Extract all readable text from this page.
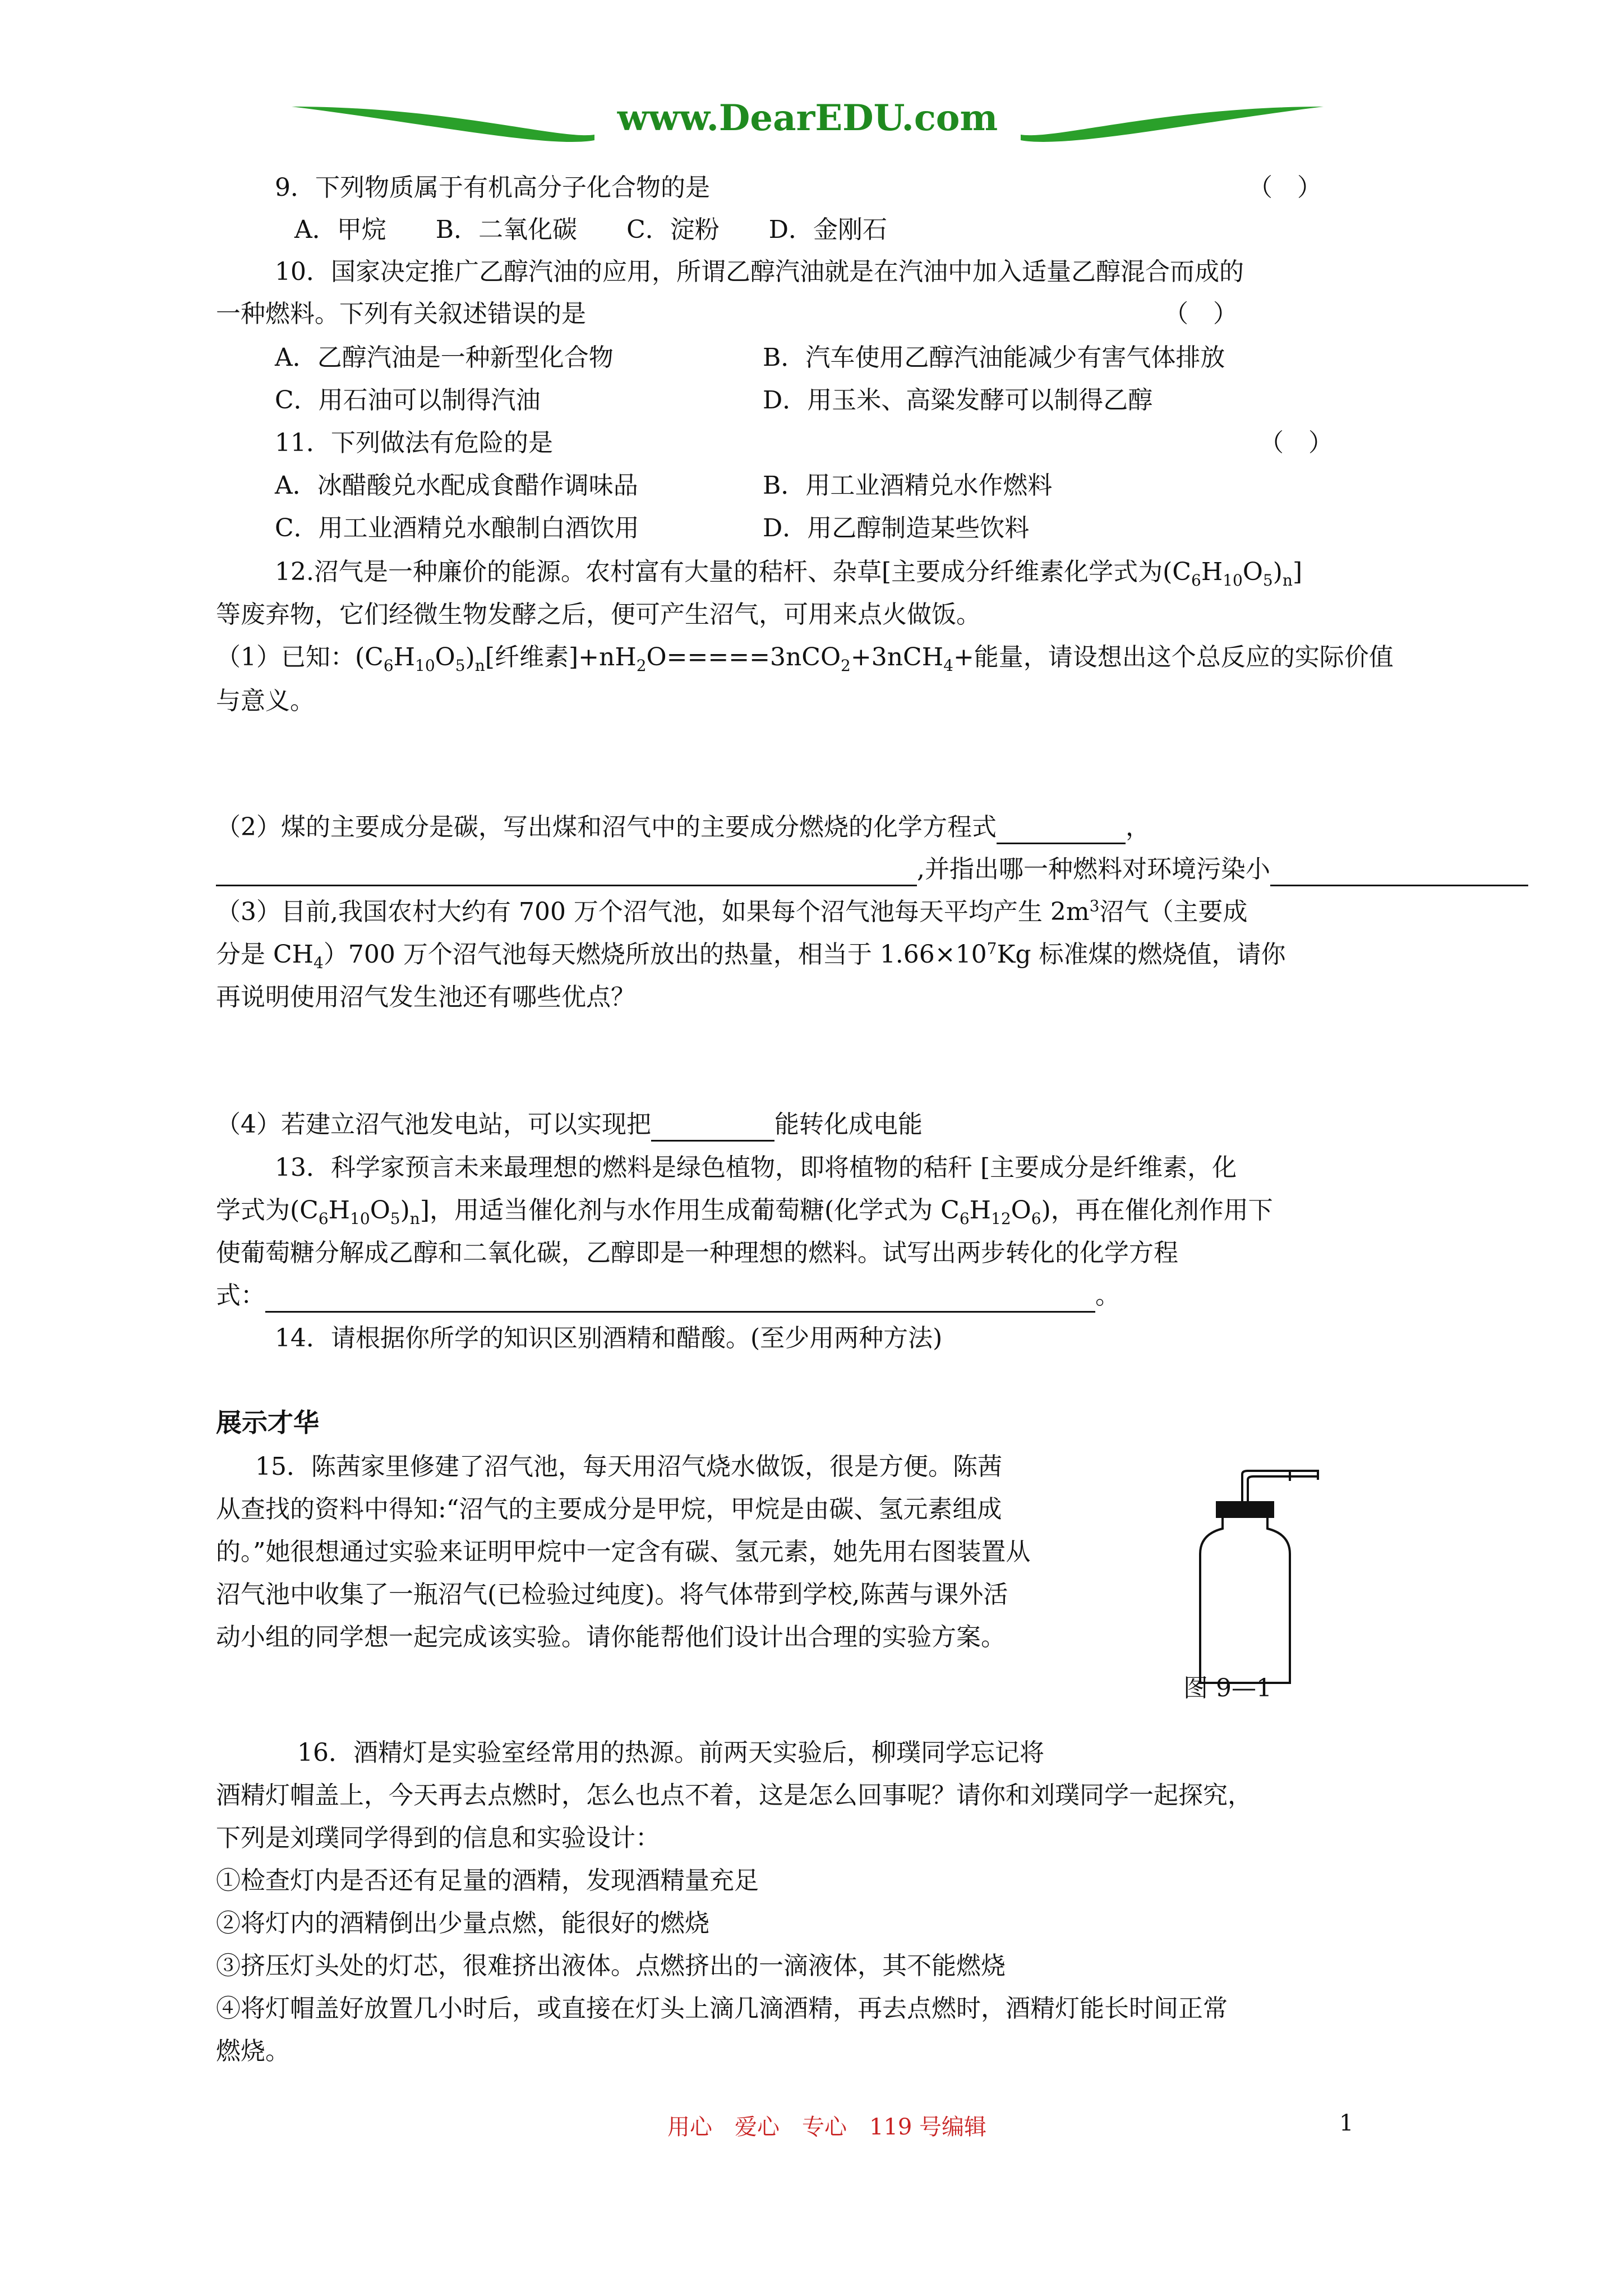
www.DearEDU.com
9．下列物质属于有机高分子化合物的是	（　）
A．甲烷　　B．二氧化碳　　C．淀粉　　D．金刚石
10．国家决定推广乙醇汽油的应用，所谓乙醇汽油就是在汽油中加入适量乙醇混合而成的
一种燃料。下列有关叙述错误的是	（　）
A．乙醇汽油是一种新型化合物	B．汽车使用乙醇汽油能减少有害气体排放
C．用石油可以制得汽油	D．用玉米、高粱发酵可以制得乙醇
11．下列做法有危险的是	（　）
A．冰醋酸兑水配成食醋作调味品	B．用工业酒精兑水作燃料
C．用工业酒精兑水酿制白酒饮用	D．用乙醇制造某些饮料
12.沼气是一种廉价的能源。农村富有大量的秸杆、杂草[主要成分纤维素化学式为$(C_6H_{10}O_5)_n$]
等废弃物，它们经微生物发酵之后，便可产生沼气，可用来点火做饭。
（1）已知：$(C_6H_{10}O_5)_n$[纤维素]$+nH_2O=====3nCO_2+3nCH_4+$能量，请设想出这个总反应的实际价值
与意义。
（2）煤的主要成分是碳，写出煤和沼气中的主要成分燃烧的化学方程式	，
,并指出哪一种燃料对环境污染小
（3）目前,我国农村大约有 700 万个沼气池，如果每个沼气池每天平均产生 $2m^3$沼气（主要成
分是 $CH_4)700$ 万个沼气池每天燃烧所放出的热量，相当于 $1.66\times 10^7Kg$ 标准煤的燃烧值，请你
再说明使用沼气发生池还有哪些优点？
（4）若建立沼气池发电站，可以实现把	能转化成电能
13．科学家预言未来最理想的燃料是绿色植物，即将植物的秸秆 [主要成分是纤维素，化
学式为$(C_6H_{10}O_5)_n$]，用适当催化剂与水作用生成葡萄糖(化学式为 $C_6H_{12}O_6$)，再在催化剂作用下
使葡萄糖分解成乙醇和二氧化碳，乙醇即是一种理想的燃料。试写出两步转化的化学方程
式：	。
14．请根据你所学的知识区别酒精和醋酸。(至少用两种方法)
展示才华
15．陈茜家里修建了沼气池，每天用沼气烧水做饭，很是方便。陈茜
从查找的资料中得知:“沼气的主要成分是甲烷，甲烷是由碳、氢元素组成
的。”她很想通过实验来证明甲烷中一定含有碳、氢元素，她先用右图装置从
沼气池中收集了一瓶沼气(已检验过纯度)。将气体带到学校,陈茜与课外活
动小组的同学想一起完成该实验。请你能帮他们设计出合理的实验方案。
图 9—1
16．酒精灯是实验室经常用的热源。前两天实验后，柳璞同学忘记将
酒精灯帽盖上，今天再去点燃时，怎么也点不着，这是怎么回事呢？请你和刘璞同学一起探究，
下列是刘璞同学得到的信息和实验设计：
①检查灯内是否还有足量的酒精，发现酒精量充足
②将灯内的酒精倒出少量点燃，能很好的燃烧
③挤压灯头处的灯芯，很难挤出液体。点燃挤出的一滴液体，其不能燃烧
④将灯帽盖好放置几小时后，或直接在灯头上滴几滴酒精，再去点燃时，酒精灯能长时间正常
燃烧。
用心　爱心　专心　119 号编辑	1
